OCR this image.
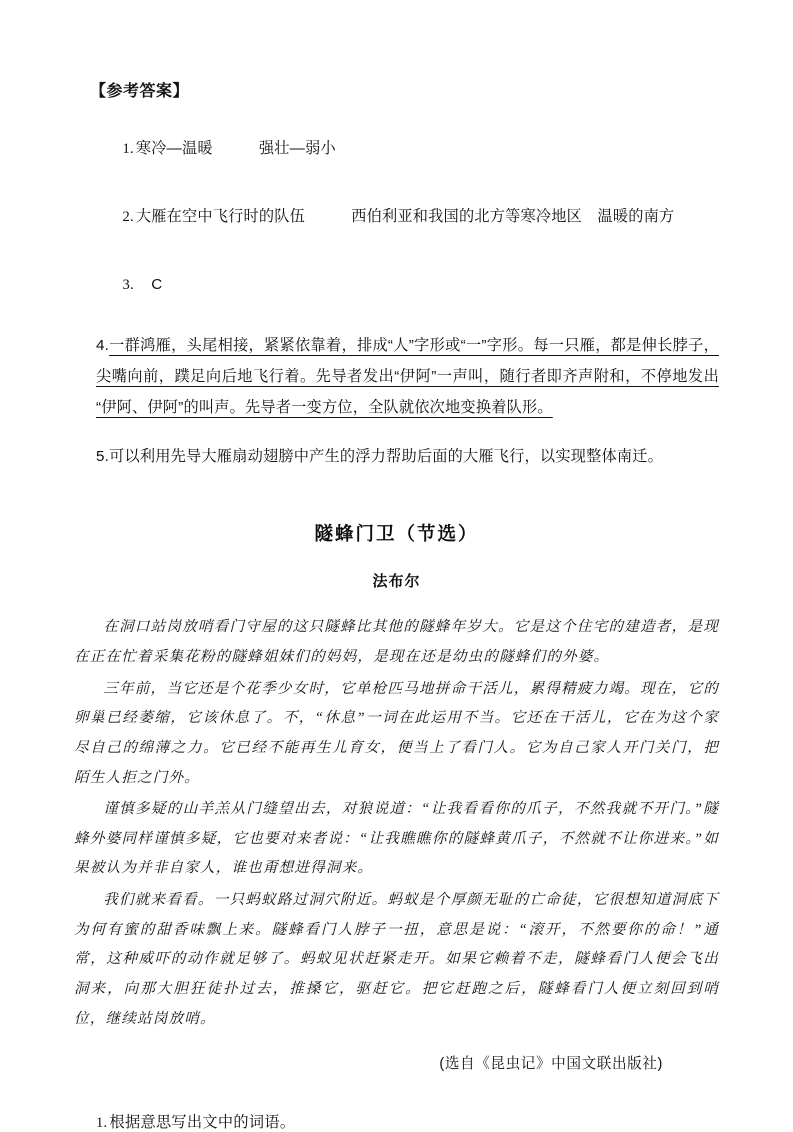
【参考答案】

1. 寒冷—温暖　　　强壮—弱小

2. 大雁在空中飞行时的队伍　　　西伯利亚和我国的北方等寒冷地区　温暖的南方

3.　C

4.一群鸿雁，头尾相接，紧紧依靠着，排成“人”字形或“一”字形。每一只雁，都是伸长脖子，尖嘴向前，蹼足向后地飞行着。先导者发出“伊阿”一声叫，随行者即齐声附和，不停地发出“伊阿、伊阿”的叫声。先导者一变方位，全队就依次地变换着队形。
5.可以利用先导大雁扇动翅膀中产生的浮力帮助后面的大雁飞行，以实现整体南迁。
隧蜂门卫（节选）
法布尔

在洞口站岗放哨看门守屋的这只隧蜂比其他的隧蜂年岁大。它是这个住宅的建造者，是现在正在忙着采集花粉的隧蜂姐妹们的妈妈，是现在还是幼虫的隧蜂们的外婆。

三年前，当它还是个花季少女时，它单枪匹马地拼命干活儿，累得精疲力竭。现在，它的卵巢已经萎缩，它该休息了。不，“休息”一词在此运用不当。它还在干活儿，它在为这个家尽自己的绵薄之力。它已经不能再生儿育女，便当上了看门人。它为自己家人开门关门，把陌生人拒之门外。

谨慎多疑的山羊羔从门缝望出去，对狼说道：“让我看看你的爪子，不然我就不开门。”隧蜂外婆同样谨慎多疑，它也要对来者说：“让我瞧瞧你的隧蜂黄爪子，不然就不让你进来。”如果被认为并非自家人，谁也甭想进得洞来。

我们就来看看。一只蚂蚁路过洞穴附近。蚂蚁是个厚颜无耻的亡命徒，它很想知道洞底下为何有蜜的甜香味飘上来。隧蜂看门人脖子一扭，意思是说：“滚开，不然要你的命！”通常，这种威吓的动作就足够了。蚂蚁见状赶紧走开。如果它赖着不走，隧蜂看门人便会飞出洞来，向那大胆狂徒扑过去，推搡它，驱赶它。把它赶跑之后，隧蜂看门人便立刻回到哨位，继续站岗放哨。

(选自《昆虫记》中国文联出版社)
1. 根据意思写出文中的词语。
